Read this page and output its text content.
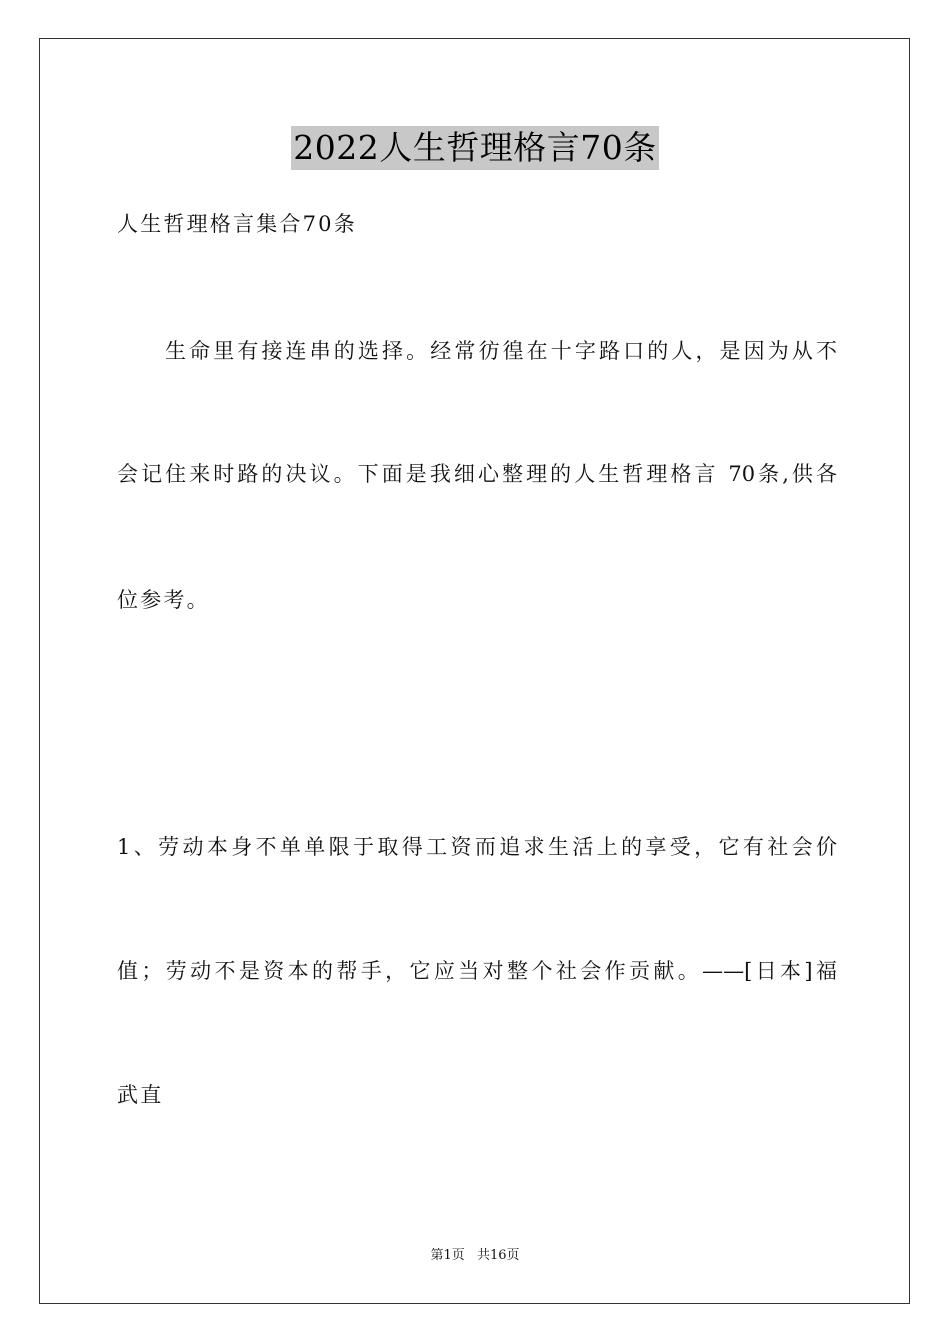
2022人生哲理格言70条
人生哲理格言集合70条
生命里有接连串的选择。经常彷徨在十字路口的人，是因为从不
会记住来时路的决议。下面是我细心整理的人生哲理格言 70条,供各
位参考。
1、劳动本身不单单限于取得工资而追求生活上的享受，它有社会价
值；劳动不是资本的帮手，它应当对整个社会作贡献。——[日本]福
武直
第1页 共16页
